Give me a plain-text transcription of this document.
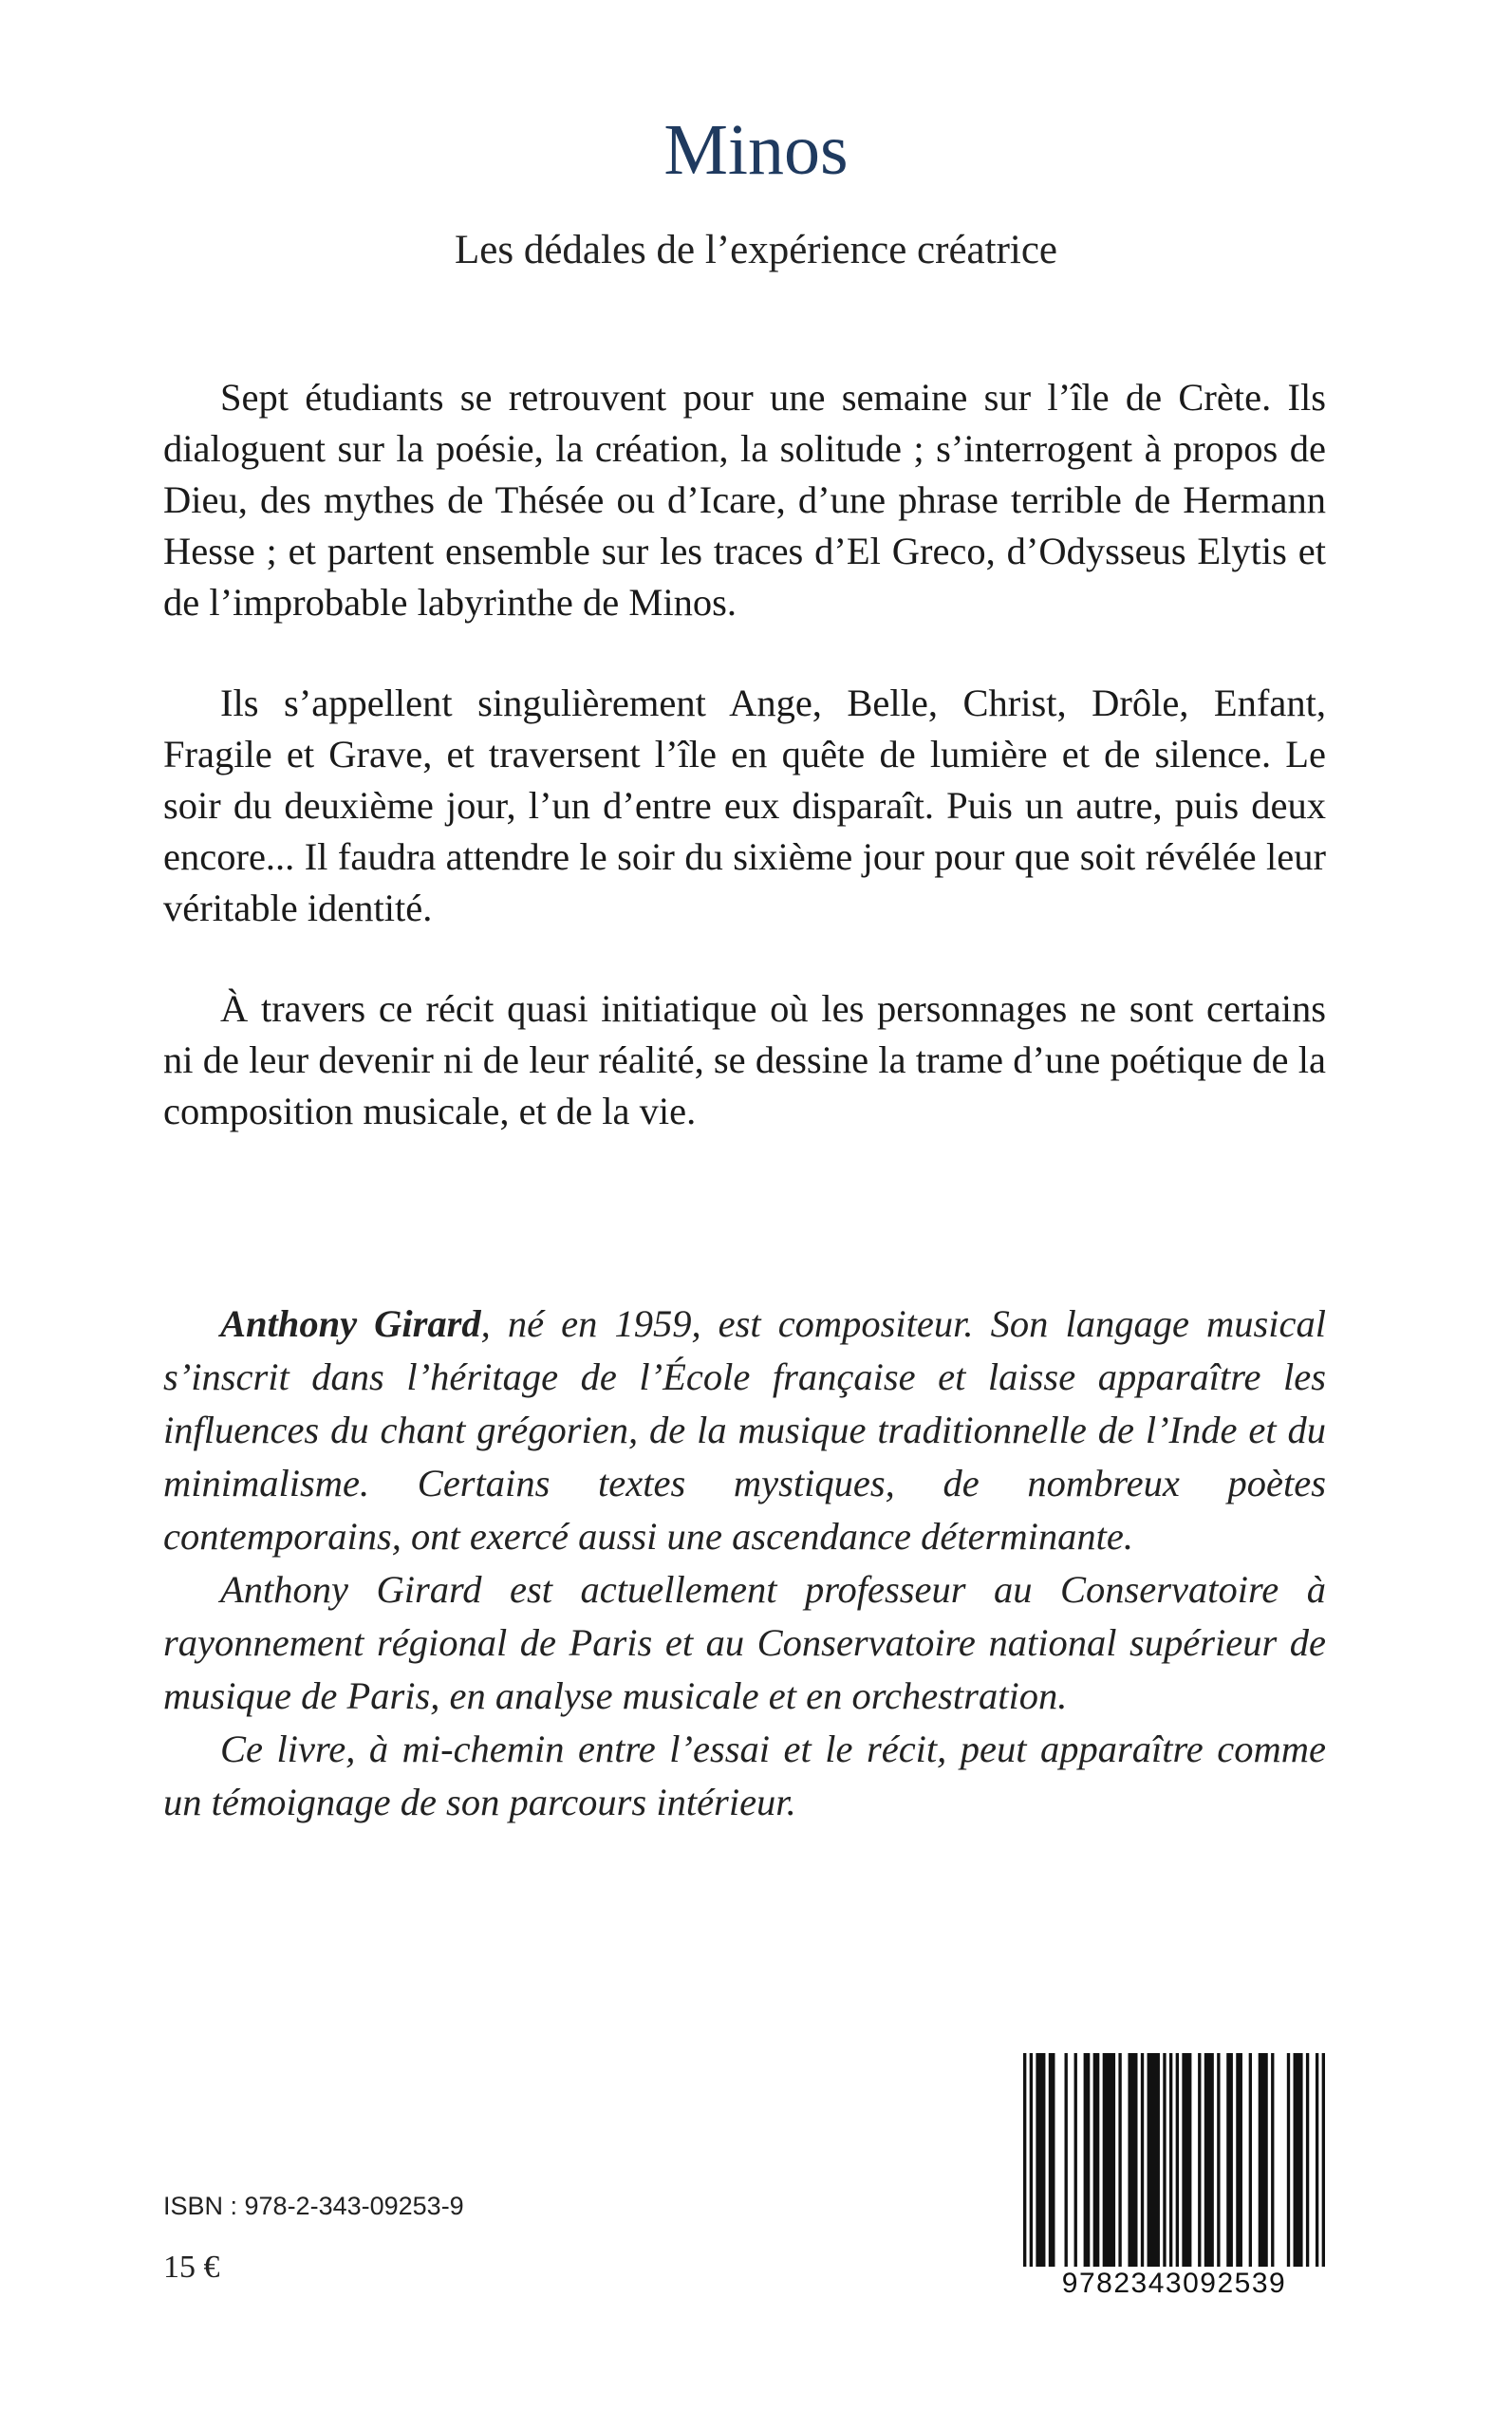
Minos
Les dédales de l’expérience créatrice

Sept étudiants se retrouvent pour une semaine sur l’île de Crète. Ils dialoguent sur la poésie, la création, la solitude ; s’interrogent à propos de Dieu, des mythes de Thésée ou d’Icare, d’une phrase terrible de Hermann Hesse ; et partent ensemble sur les traces d’El Greco, d’Odysseus Elytis et de l’improbable labyrinthe de Minos.

Ils s’appellent singulièrement Ange, Belle, Christ, Drôle, Enfant, Fragile et Grave, et traversent l’île en quête de lumière et de silence. Le soir du deuxième jour, l’un d’entre eux disparaît. Puis un autre, puis deux encore... Il faudra attendre le soir du sixième jour pour que soit révélée leur véritable identité.

À travers ce récit quasi initiatique où les personnages ne sont certains ni de leur devenir ni de leur réalité, se dessine la trame d’une poétique de la composition musicale, et de la vie.

Anthony Girard, né en 1959, est compositeur. Son langage musical s’inscrit dans l’héritage de l’École française et laisse apparaître les influences du chant grégorien, de la musique traditionnelle de l’Inde et du minimalisme. Certains textes mystiques, de nombreux poètes contemporains, ont exercé aussi une ascendance déterminante.

Anthony Girard est actuellement professeur au Conservatoire à rayonnement régional de Paris et au Conservatoire national supérieur de musique de Paris, en analyse musicale et en orchestration.

Ce livre, à mi-chemin entre l’essai et le récit, peut apparaître comme un témoignage de son parcours intérieur.

ISBN : 978-2-343-09253-9
15 €	9782343092539
